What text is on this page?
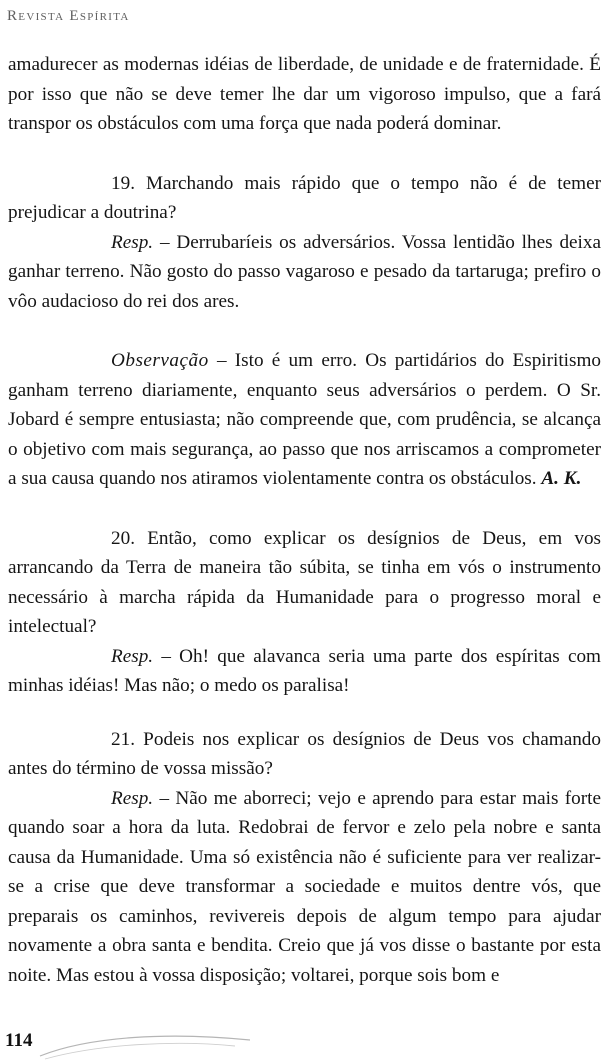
Revista Espírita

amadurecer as modernas idéias de liberdade, de unidade e de fraternidade. É por isso que não se deve temer lhe dar um vigoroso impulso, que a fará transpor os obstáculos com uma força que nada poderá dominar.

19. Marchando mais rápido que o tempo não é de temer prejudicar a doutrina?

Resp. – Derrubaríeis os adversários. Vossa lentidão lhes deixa ganhar terreno. Não gosto do passo vagaroso e pesado da tartaruga; prefiro o vôo audacioso do rei dos ares.

Observação – Isto é um erro. Os partidários do Espiritismo ganham terreno diariamente, enquanto seus adversários o perdem. O Sr. Jobard é sempre entusiasta; não compreende que, com prudência, se alcança o objetivo com mais segurança, ao passo que nos arriscamos a comprometer a sua causa quando nos atiramos violentamente contra os obstáculos. A. K.

20. Então, como explicar os desígnios de Deus, em vos arrancando da Terra de maneira tão súbita, se tinha em vós o instrumento necessário à marcha rápida da Humanidade para o progresso moral e intelectual?

Resp. – Oh! que alavanca seria uma parte dos espíritas com minhas idéias! Mas não; o medo os paralisa!

21. Podeis nos explicar os desígnios de Deus vos chamando antes do término de vossa missão?

Resp. – Não me aborreci; vejo e aprendo para estar mais forte quando soar a hora da luta. Redobrai de fervor e zelo pela nobre e santa causa da Humanidade. Uma só existência não é suficiente para ver realizar-se a crise que deve transformar a sociedade e muitos dentre vós, que preparais os caminhos, revivereis depois de algum tempo para ajudar novamente a obra santa e bendita. Creio que já vos disse o bastante por esta noite. Mas estou à vossa disposição; voltarei, porque sois bom e

114
